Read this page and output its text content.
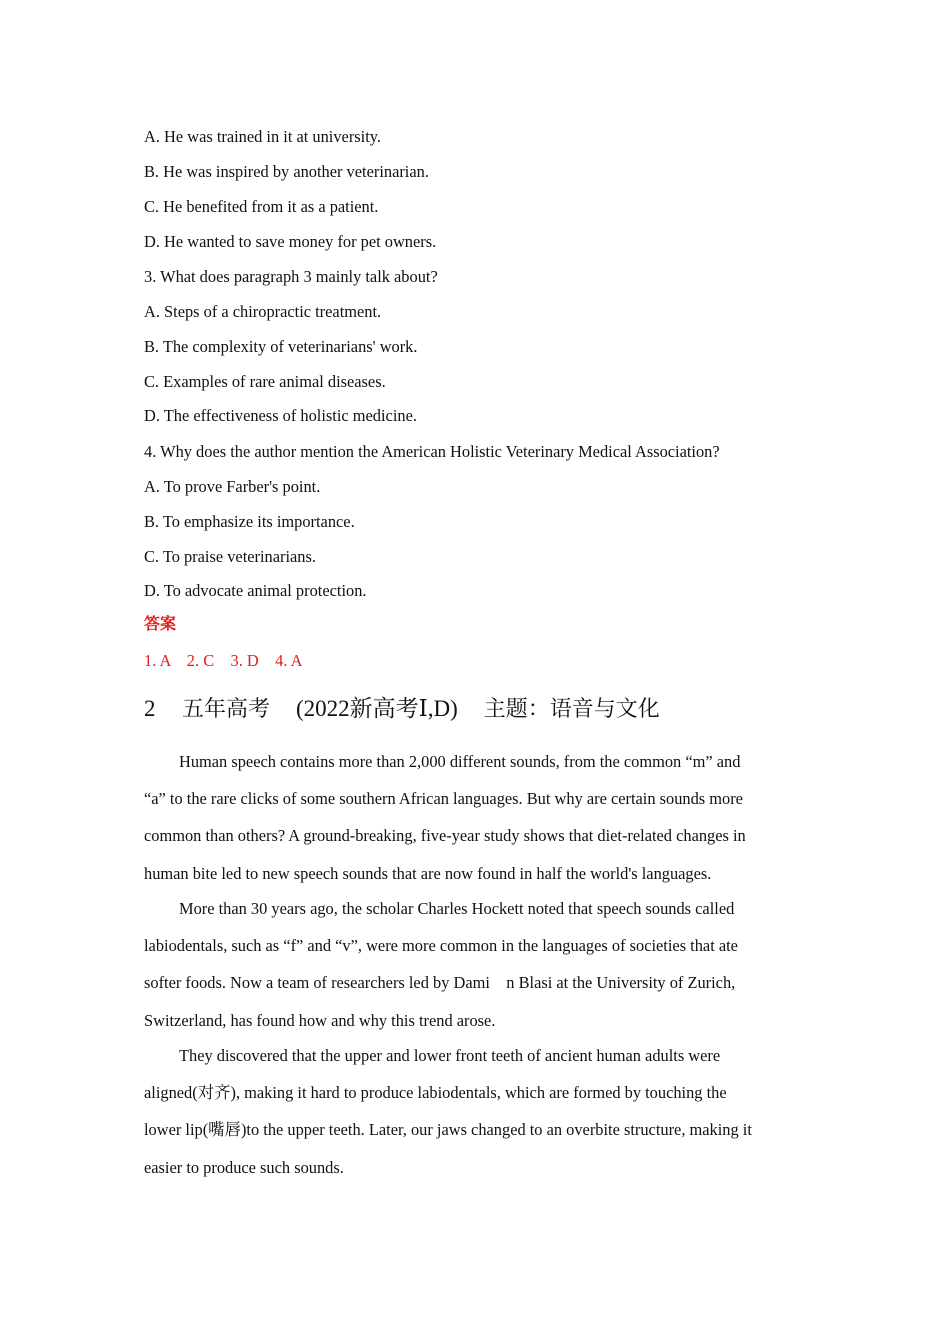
A. He was trained in it at university.
B. He was inspired by another veterinarian.
C. He benefited from it as a patient.
D. He wanted to save money for pet owners.
3. What does paragraph 3 mainly talk about?
A. Steps of a chiropractic treatment.
B. The complexity of veterinarians' work.
C. Examples of rare animal diseases.
D. The effectiveness of holistic medicine.
4. Why does the author mention the American Holistic Veterinary Medical Association?
A. To prove Farber's point.
B. To emphasize its importance.
C. To praise veterinarians.
D. To advocate animal protection.
答案
1. A    2. C    3. D    4. A
2 五年高考 (2022新高考Ⅰ,D) 主题：语音与文化
Human speech contains more than 2,000 different sounds, from the common “m” and
“a” to the rare clicks of some southern African languages. But why are certain sounds more
common than others? A ground-breaking, five-year study shows that diet-related changes in
human bite led to new speech sounds that are now found in half the world's languages.
More than 30 years ago, the scholar Charles Hockett noted that speech sounds called
labiodentals, such as “f” and “v”, were more common in the languages of societies that ate
softer foods. Now a team of researchers led by Dami    n Blasi at the University of Zurich,
Switzerland, has found how and why this trend arose.
They discovered that the upper and lower front teeth of ancient human adults were
aligned(对齐), making it hard to produce labiodentals, which are formed by touching the
lower lip(嘴唇)to the upper teeth. Later, our jaws changed to an overbite structure, making it
easier to produce such sounds.
